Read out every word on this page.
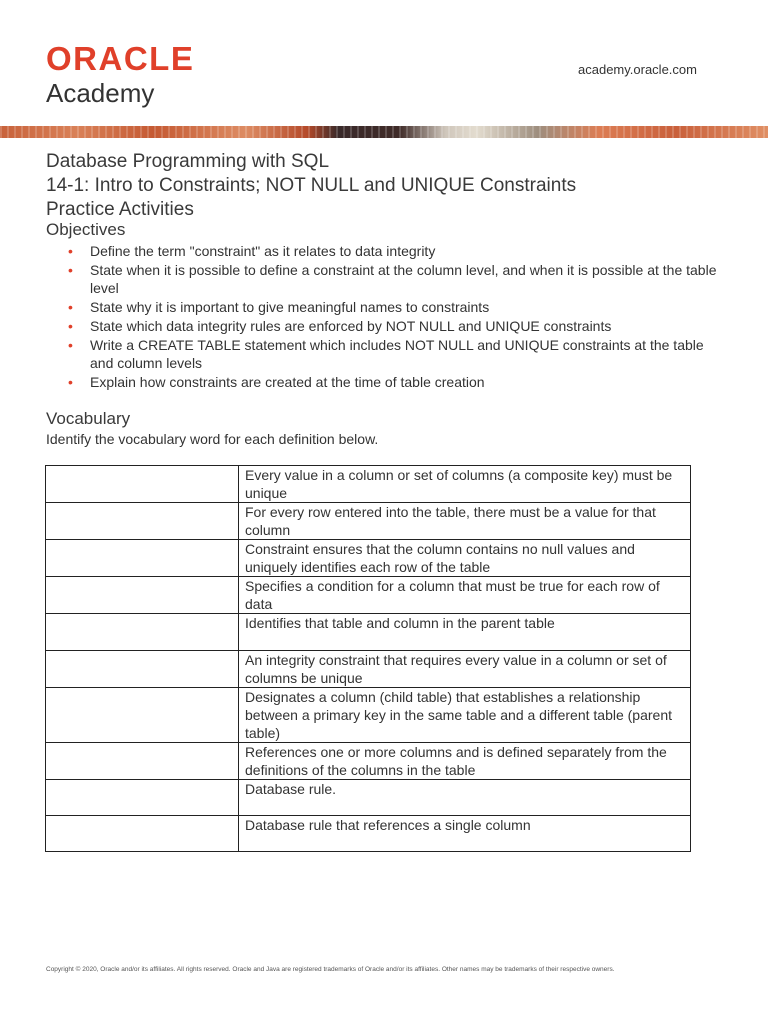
ORACLE
Academy
academy.oracle.com
Database Programming with SQL
14-1: Intro to Constraints; NOT NULL and UNIQUE Constraints
Practice Activities
Objectives
• Define the term "constraint" as it relates to data integrity
• State when it is possible to define a constraint at the column level, and when it is possible at the table level
• State why it is important to give meaningful names to constraints
• State which data integrity rules are enforced by NOT NULL and UNIQUE constraints
• Write a CREATE TABLE statement which includes NOT NULL and UNIQUE constraints at the table and column levels
• Explain how constraints are created at the time of table creation
Vocabulary
Identify the vocabulary word for each definition below.
	Every value in a column or set of columns (a composite key) must be unique
	For every row entered into the table, there must be a value for that column
	Constraint ensures that the column contains no null values and uniquely identifies each row of the table
	Specifies a condition for a column that must be true for each row of data
	Identifies that table and column in the parent table
	An integrity constraint that requires every value in a column or set of columns be unique
	Designates a column (child table) that establishes a relationship between a primary key in the same table and a different table (parent table)
	References one or more columns and is defined separately from the definitions of the columns in the table
	Database rule.
	Database rule that references a single column
Copyright © 2020, Oracle and/or its affiliates. All rights reserved. Oracle and Java are registered trademarks of Oracle and/or its affiliates. Other names may be trademarks of their respective owners.
